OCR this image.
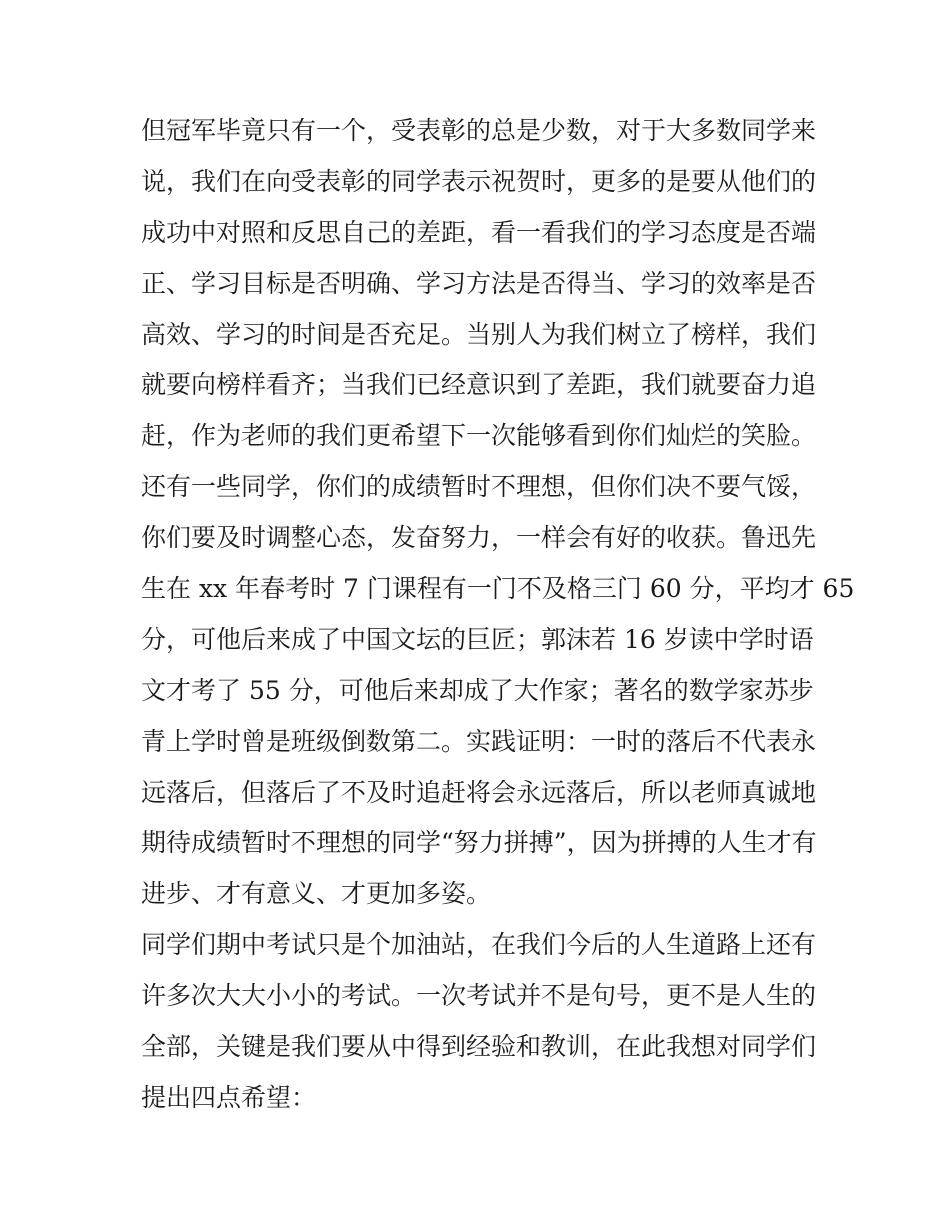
但冠军毕竟只有一个，受表彰的总是少数，对于大多数同学来
说，我们在向受表彰的同学表示祝贺时，更多的是要从他们的
成功中对照和反思自己的差距，看一看我们的学习态度是否端
正、学习目标是否明确、学习方法是否得当、学习的效率是否
高效、学习的时间是否充足。当别人为我们树立了榜样，我们
就要向榜样看齐；当我们已经意识到了差距，我们就要奋力追
赶，作为老师的我们更希望下一次能够看到你们灿烂的笑脸。
还有一些同学，你们的成绩暂时不理想，但你们决不要气馁，
你们要及时调整心态，发奋努力，一样会有好的收获。鲁迅先
生在 xx 年春考时 7 门课程有一门不及格三门 60 分，平均才 65
分，可他后来成了中国文坛的巨匠；郭沫若 16 岁读中学时语
文才考了 55 分，可他后来却成了大作家；著名的数学家苏步
青上学时曾是班级倒数第二。实践证明：一时的落后不代表永
远落后，但落后了不及时追赶将会永远落后，所以老师真诚地
期待成绩暂时不理想的同学“努力拼搏”，因为拼搏的人生才有
进步、才有意义、才更加多姿。
同学们期中考试只是个加油站，在我们今后的人生道路上还有
许多次大大小小的考试。一次考试并不是句号，更不是人生的
全部，关键是我们要从中得到经验和教训，在此我想对同学们
提出四点希望：
